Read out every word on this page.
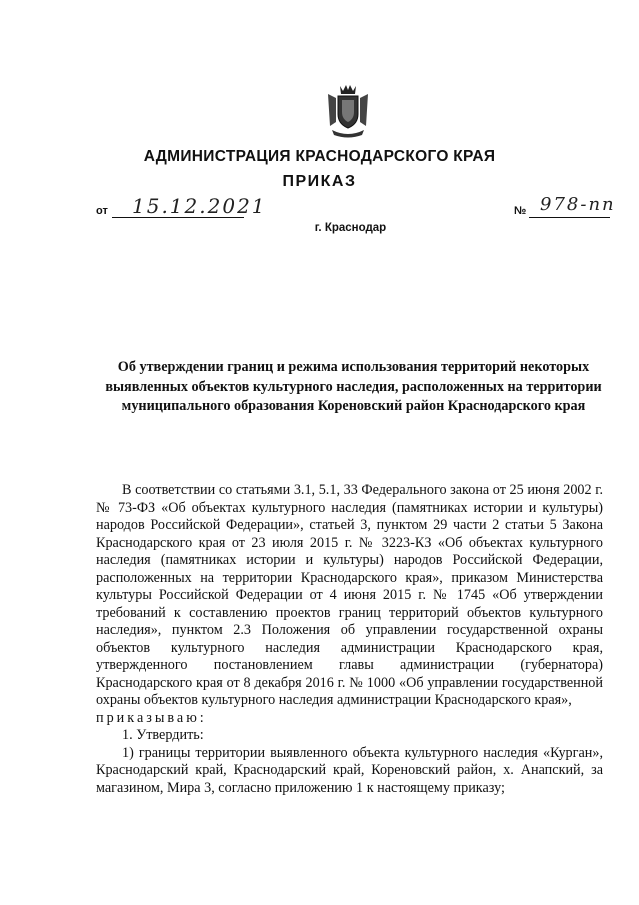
АДМИНИСТРАЦИЯ КРАСНОДАРСКОГО КРАЯ
ПРИКАЗ
от 15.12.2021	№ 978-пп
г. Краснодар
Об утверждении границ и режима использования территорий некоторых выявленных объектов культурного наследия, расположенных на территории муниципального образования Кореновский район Краснодарского края

В соответствии со статьями 3.1, 5.1, 33 Федерального закона от 25 июня 2002 г. № 73-ФЗ «Об объектах культурного наследия (памятниках истории и культуры) народов Российской Федерации», статьей 3, пунктом 29 части 2 статьи 5 Закона Краснодарского края от 23 июля 2015 г. № 3223-КЗ «Об объектах культурного наследия (памятниках истории и культуры) народов Российской Федерации, расположенных на территории Краснодарского края», приказом Министерства культуры Российской Федерации от 4 июня 2015 г. № 1745 «Об утверждении требований к составлению проектов границ территорий объектов культурного наследия», пунктом 2.3 Положения об управлении государственной охраны объектов культурного наследия администрации Краснодарского края, утвержденного постановлением главы администрации (губернатора) Краснодарского края от 8 декабря 2016 г. № 1000 «Об управлении государственной охраны объектов культурного наследия администрации Краснодарского края»,

приказываю:

1. Утвердить:

1) границы территории выявленного объекта культурного наследия «Курган», Краснодарский край, Краснодарский край, Кореновский район, х. Анапский, за магазином, Мира 3, согласно приложению 1 к настоящему приказу;
